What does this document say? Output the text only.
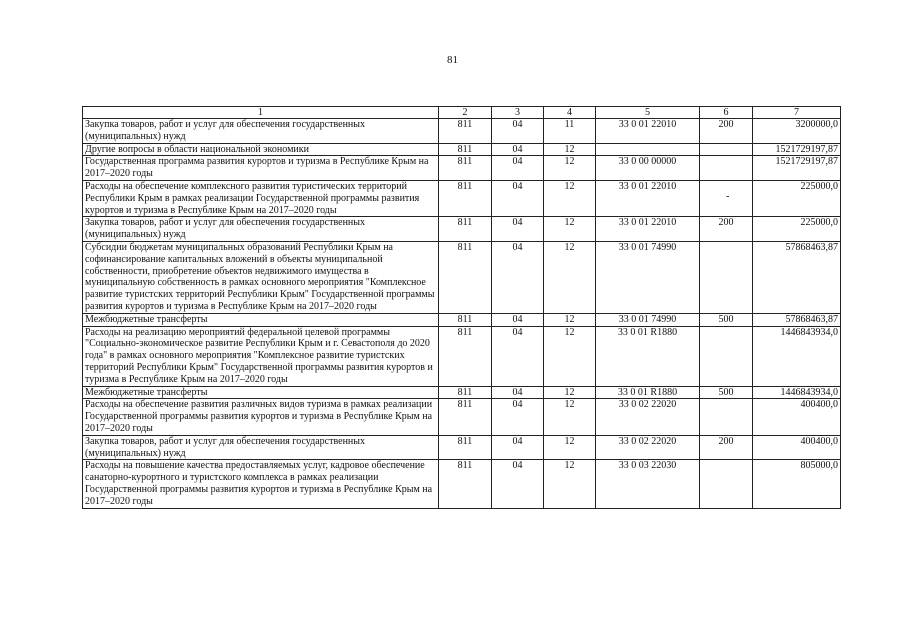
81
1	2	3	4	5	6	7
Закупка товаров, работ и услуг для обеспечения государственных (муниципальных) нужд	811	04	11	33 0 01 22010	200	3200000,0
Другие вопросы в области национальной экономики	811	04	12			1521729197,87
Государственная программа развития курортов и туризма в Республике Крым на 2017–2020 годы	811	04	12	33 0 00 00000		1521729197,87
Расходы на обеспечение комплексного развития туристических территорий Республики Крым в рамках реализации Государственной программы развития курортов и туризма в Республике Крым на 2017–2020 годы	811	04	12	33 0 01 22010	-	225000,0
Закупка товаров, работ и услуг для обеспечения государственных (муниципальных) нужд	811	04	12	33 0 01 22010	200	225000,0
Субсидии бюджетам муниципальных образований Республики Крым на софинансирование капитальных вложений в объекты муниципальной собственности, приобретение объектов недвижимого имущества в муниципальную собственность в рамках основного мероприятия "Комплексное развитие туристских территорий Республики Крым" Государственной программы развития курортов и туризма в Республике Крым на 2017–2020 годы	811	04	12	33 0 01 74990		57868463,87
Межбюджетные трансферты	811	04	12	33 0 01 74990	500	57868463,87
Расходы на реализацию мероприятий федеральной целевой программы "Социально-экономическое развитие Республики Крым и г. Севастополя до 2020 года" в рамках основного мероприятия "Комплексное развитие туристских территорий Республики Крым" Государственной программы развития курортов и туризма в Республике Крым на 2017–2020 годы	811	04	12	33 0 01 R1880		1446843934,0
Межбюджетные трансферты	811	04	12	33 0 01 R1880	500	1446843934,0
Расходы на обеспечение развития различных видов туризма в рамках реализации Государственной программы развития курортов и туризма в Республике Крым на 2017–2020 годы	811	04	12	33 0 02 22020		400400,0
Закупка товаров, работ и услуг для обеспечения государственных (муниципальных) нужд	811	04	12	33 0 02 22020	200	400400,0
Расходы на повышение качества предоставляемых услуг, кадровое обеспечение санаторно-курортного и туристского комплекса в рамках реализации Государственной программы развития курортов и туризма в Республике Крым на 2017–2020 годы	811	04	12	33 0 03 22030		805000,0
